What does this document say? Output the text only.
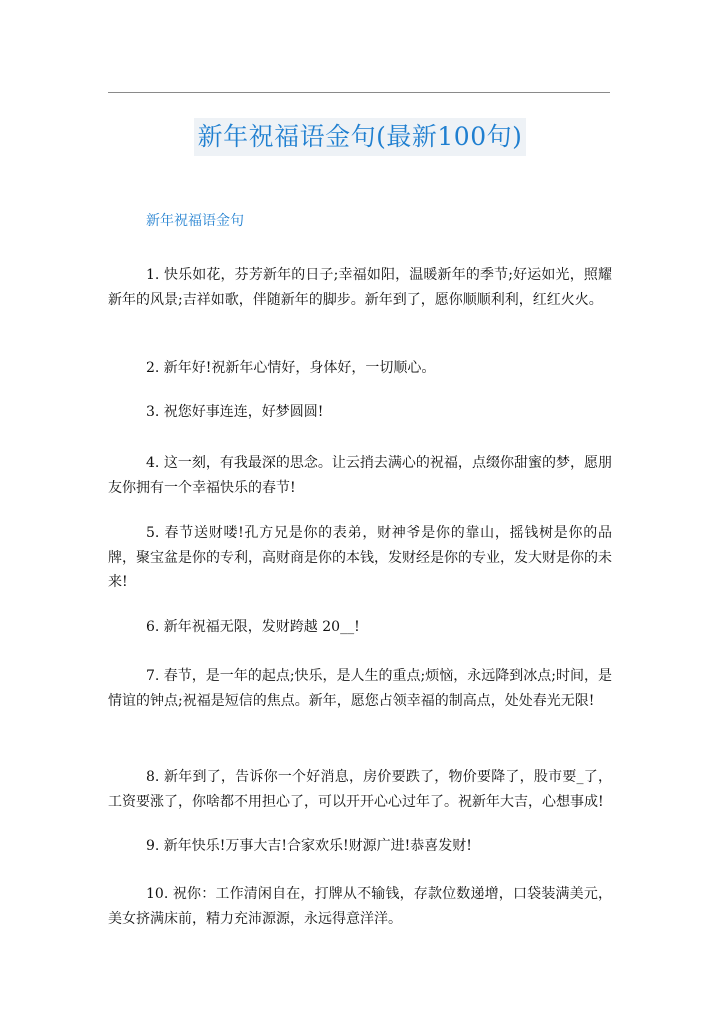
新年祝福语金句(最新100句)
新年祝福语金句

1. 快乐如花，芬芳新年的日子;幸福如阳，温暖新年的季节;好运如光，照耀新年的风景;吉祥如歌，伴随新年的脚步。新年到了，愿你顺顺利利，红红火火。

2. 新年好!祝新年心情好，身体好，一切顺心。

3. 祝您好事连连，好梦圆圆!

4. 这一刻，有我最深的思念。让云捎去满心的祝福，点缀你甜蜜的梦，愿朋友你拥有一个幸福快乐的春节!

5. 春节送财喽!孔方兄是你的表弟，财神爷是你的靠山，摇钱树是你的品牌，聚宝盆是你的专利，高财商是你的本钱，发财经是你的专业，发大财是你的未来!

6. 新年祝福无限，发财跨越 20__!

7. 春节，是一年的起点;快乐，是人生的重点;烦恼，永远降到冰点;时间，是情谊的钟点;祝福是短信的焦点。新年，愿您占领幸福的制高点，处处春光无限!

8. 新年到了，告诉你一个好消息，房价要跌了，物价要降了，股市要_了，工资要涨了，你啥都不用担心了，可以开开心心过年了。祝新年大吉，心想事成!

9. 新年快乐!万事大吉!合家欢乐!财源广进!恭喜发财!

10. 祝你：工作清闲自在，打牌从不输钱，存款位数递增，口袋装满美元，美女挤满床前，精力充沛源源，永远得意洋洋。
